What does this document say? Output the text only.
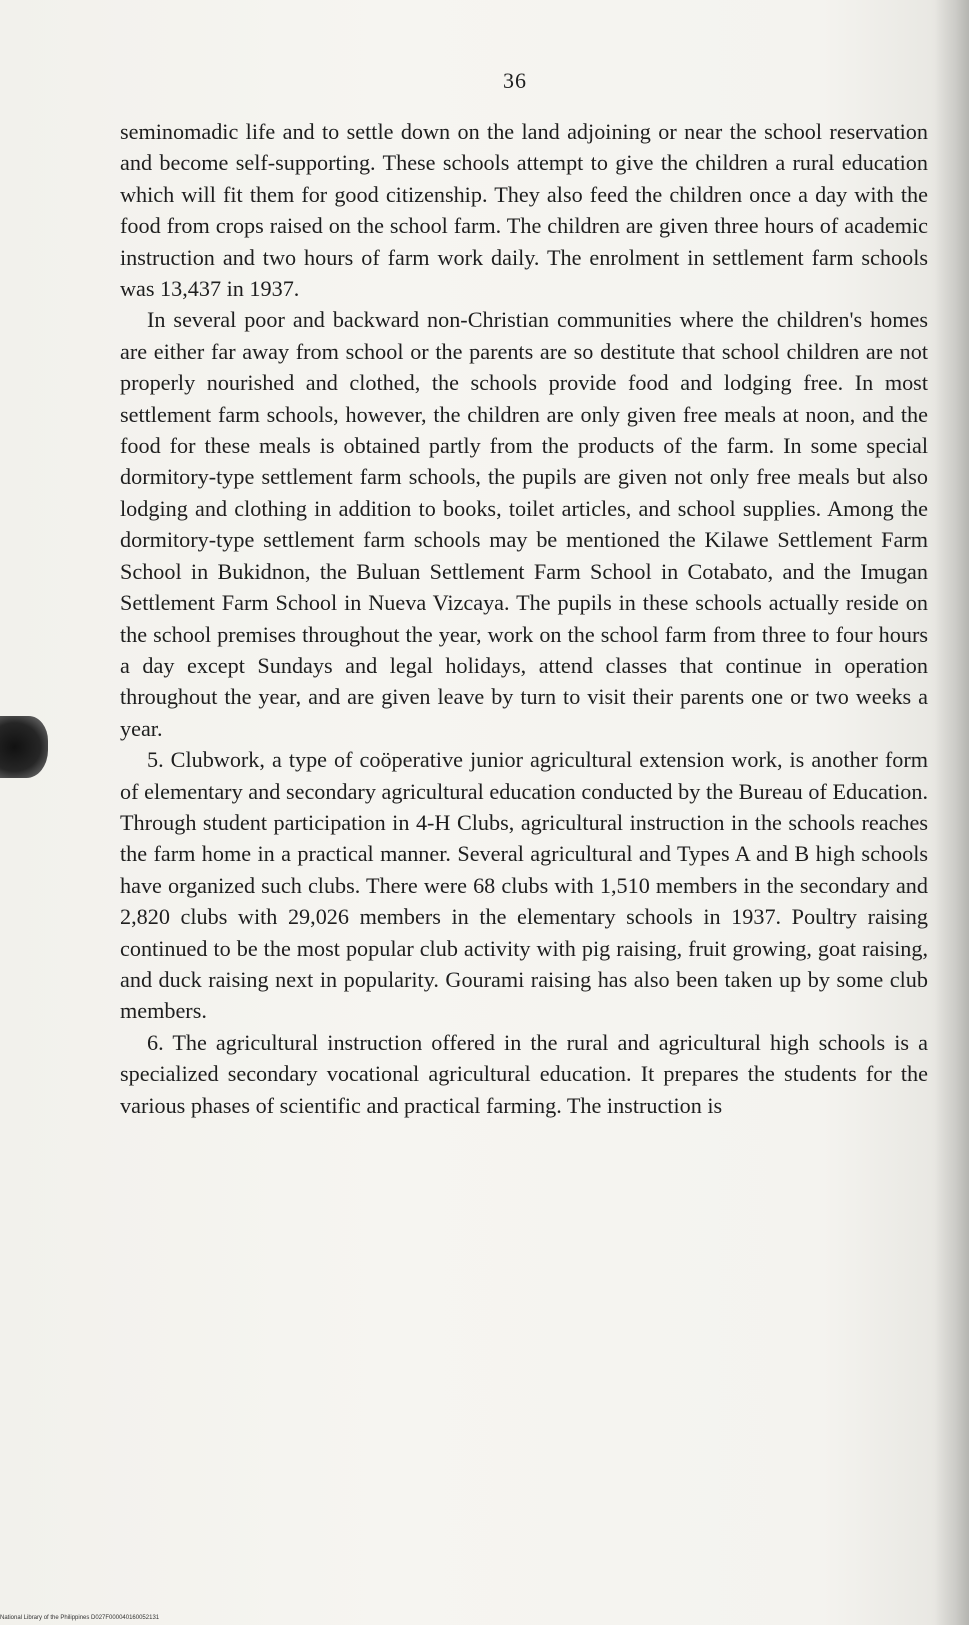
36

seminomadic life and to settle down on the land adjoining or near the school reservation and become self-supporting. These schools attempt to give the children a rural education which will fit them for good citizenship. They also feed the children once a day with the food from crops raised on the school farm. The children are given three hours of academic instruction and two hours of farm work daily. The enrolment in settlement farm schools was 13,437 in 1937.

In several poor and backward non-Christian communities where the children's homes are either far away from school or the parents are so destitute that school children are not properly nourished and clothed, the schools provide food and lodging free. In most settlement farm schools, however, the children are only given free meals at noon, and the food for these meals is obtained partly from the products of the farm. In some special dormitory-type settlement farm schools, the pupils are given not only free meals but also lodging and clothing in addition to books, toilet articles, and school supplies. Among the dormitory-type settlement farm schools may be mentioned the Kilawe Settlement Farm School in Bukidnon, the Buluan Settlement Farm School in Cotabato, and the Imugan Settlement Farm School in Nueva Vizcaya. The pupils in these schools actually reside on the school premises throughout the year, work on the school farm from three to four hours a day except Sundays and legal holidays, attend classes that continue in operation throughout the year, and are given leave by turn to visit their parents one or two weeks a year.

5. Clubwork, a type of coöperative junior agricultural extension work, is another form of elementary and secondary agricultural education conducted by the Bureau of Education. Through student participation in 4-H Clubs, agricultural instruction in the schools reaches the farm home in a practical manner. Several agricultural and Types A and B high schools have organized such clubs. There were 68 clubs with 1,510 members in the secondary and 2,820 clubs with 29,026 members in the elementary schools in 1937. Poultry raising continued to be the most popular club activity with pig raising, fruit growing, goat raising, and duck raising next in popularity. Gourami raising has also been taken up by some club members.

6. The agricultural instruction offered in the rural and agricultural high schools is a specialized secondary vocational agricultural education. It prepares the students for the various phases of scientific and practical farming. The instruction is

National Library of the Philippines D027F000040160052131
